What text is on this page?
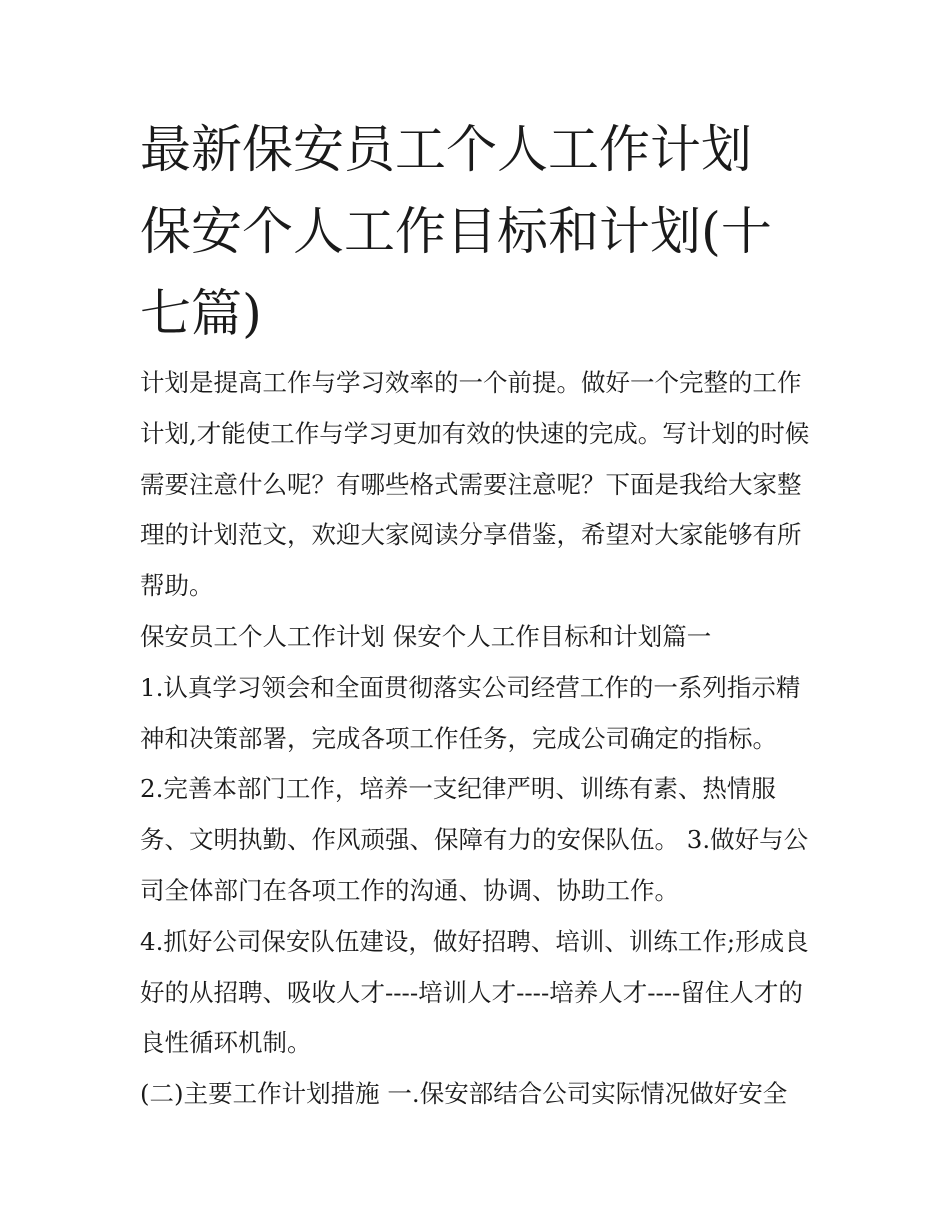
最新保安员工个人工作计划 保安个人工作目标和计划(十七篇)

计划是提高工作与学习效率的一个前提。做好一个完整的工作计划,才能使工作与学习更加有效的快速的完成。写计划的时候需要注意什么呢？有哪些格式需要注意呢？下面是我给大家整理的计划范文，欢迎大家阅读分享借鉴，希望对大家能够有所帮助。

保安员工个人工作计划 保安个人工作目标和计划篇一

1.认真学习领会和全面贯彻落实公司经营工作的一系列指示精神和决策部署，完成各项工作任务，完成公司确定的指标。

2.完善本部门工作，培养一支纪律严明、训练有素、热情服务、文明执勤、作风顽强、保障有力的安保队伍。 3.做好与公司全体部门在各项工作的沟通、协调、协助工作。

4.抓好公司保安队伍建设，做好招聘、培训、训练工作;形成良好的从招聘、吸收人才----培训人才----培养人才----留住人才的良性循环机制。

(二)主要工作计划措施 一.保安部结合公司实际情况做好安全
